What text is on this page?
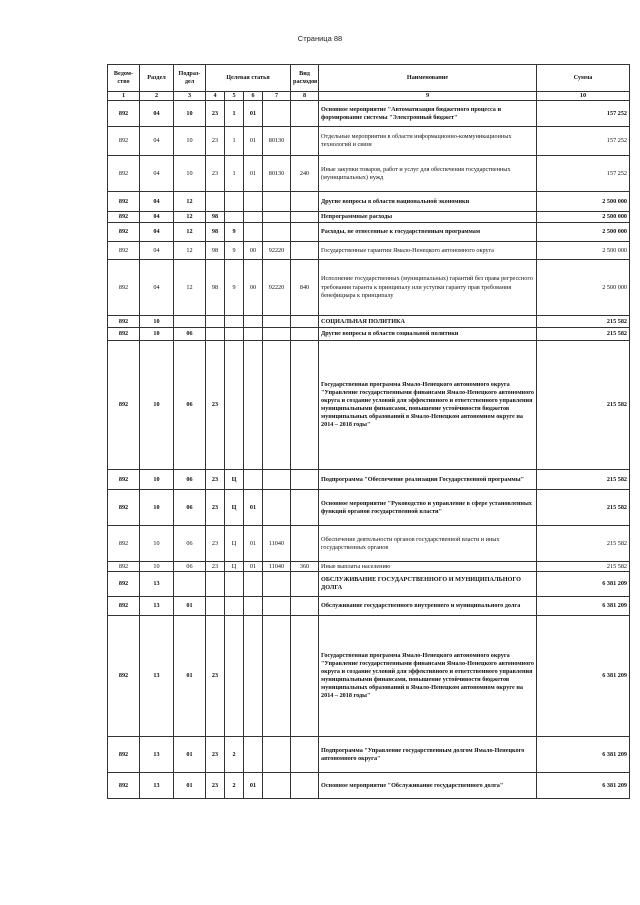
Страница 88
Ведом-ство	Раздел	Подраз-дел	Целевая статья				Вид расходов	Наименование	Сумма
1	2	3	4	5	6	7	8	9	10
892	04	10	23	1	01			Основное мероприятие "Автоматизация бюджетного процесса и формирование системы "Электронный бюджет"	157 252
892	04	10	23	1	01	80130		Отдельные мероприятия в области информационно-коммуникационных технологий и связи	157 252
892	04	10	23	1	01	80130	240	Иные закупки товаров, работ и услуг для обеспечения государственных (муниципальных) нужд	157 252
892	04	12						Другие вопросы в области национальной экономики	2 500 000
892	04	12	98					Непрограммные расходы	2 500 000
892	04	12	98	9				Расходы, не отнесенные к государственным программам	2 500 000
892	04	12	98	9	00	92220		Государственные гарантии Ямало-Ненецкого автономного округа	2 500 000
892	04	12	98	9	00	92220	840	Исполнение государственных (муниципальных) гарантий без права регрессного требования гаранта к принципалу или уступки гаранту прав требования бенефициара к принципалу	2 500 000
892	10							СОЦИАЛЬНАЯ ПОЛИТИКА	215 582
892	10	06						Другие вопросы в области социальной политики	215 582
892	10	06	23					Государственная программа Ямало-Ненецкого автономного округа "Управление государственными финансами Ямало-Ненецкого автономного округа и создание условий для эффективного и ответственного управления муниципальными финансами, повышение устойчивости бюджетов муниципальных образований в Ямало-Ненецком автономном округе на 2014 – 2018 годы"	215 582
892	10	06	23	Ц				Подпрограмма "Обеспечение реализации Государственной программы"	215 582
892	10	06	23	Ц	01			Основное мероприятие "Руководство и управление в сфере установленных функций органов государственной власти"	215 582
892	10	06	23	Ц	01	11040		Обеспечение деятельности органов государственной власти и иных государственных органов	215 582
892	10	06	23	Ц	01	11040	360	Иные выплаты населению	215 582
892	13							ОБСЛУЖИВАНИЕ ГОСУДАРСТВЕННОГО И МУНИЦИПАЛЬНОГО ДОЛГА	6 381 209
892	13	01						Обслуживание государственного внутреннего и муниципального долга	6 381 209
892	13	01	23					Государственная программа Ямало-Ненецкого автономного округа "Управление государственными финансами Ямало-Ненецкого автономного округа и создание условий для эффективного и ответственного управления муниципальными финансами, повышение устойчивости бюджетов муниципальных образований в Ямало-Ненецком автономном округе на 2014 – 2018 годы"	6 381 209
892	13	01	23	2				Подпрограмма "Управление государственным долгом Ямало-Ненецкого автономного округа"	6 381 209
892	13	01	23	2	01			Основное мероприятие "Обслуживание государственного долга"	6 381 209
